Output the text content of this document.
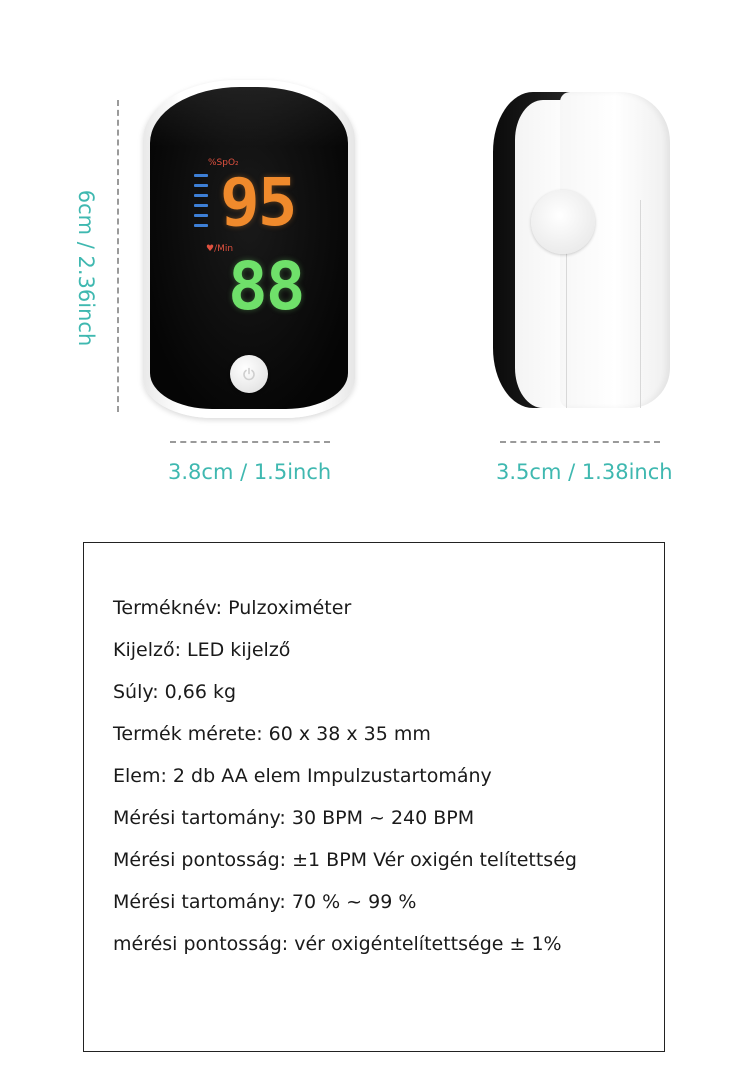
6cm / 2.36inch
%SpO₂
95
♥/Min
88
3.8cm / 1.5inch	3.5cm / 1.38inch
Terméknév: Pulzoximéter
Kijelző: LED kijelző
Súly: 0,66 kg
Termék mérete: 60 x 38 x 35 mm
Elem: 2 db AA elem Impulzustartomány
Mérési tartomány: 30 BPM ~ 240 BPM
Mérési pontosság: ±1 BPM Vér oxigén telítettség
Mérési tartomány: 70 % ~ 99 %
mérési pontosság: vér oxigéntelítettsége ± 1%
